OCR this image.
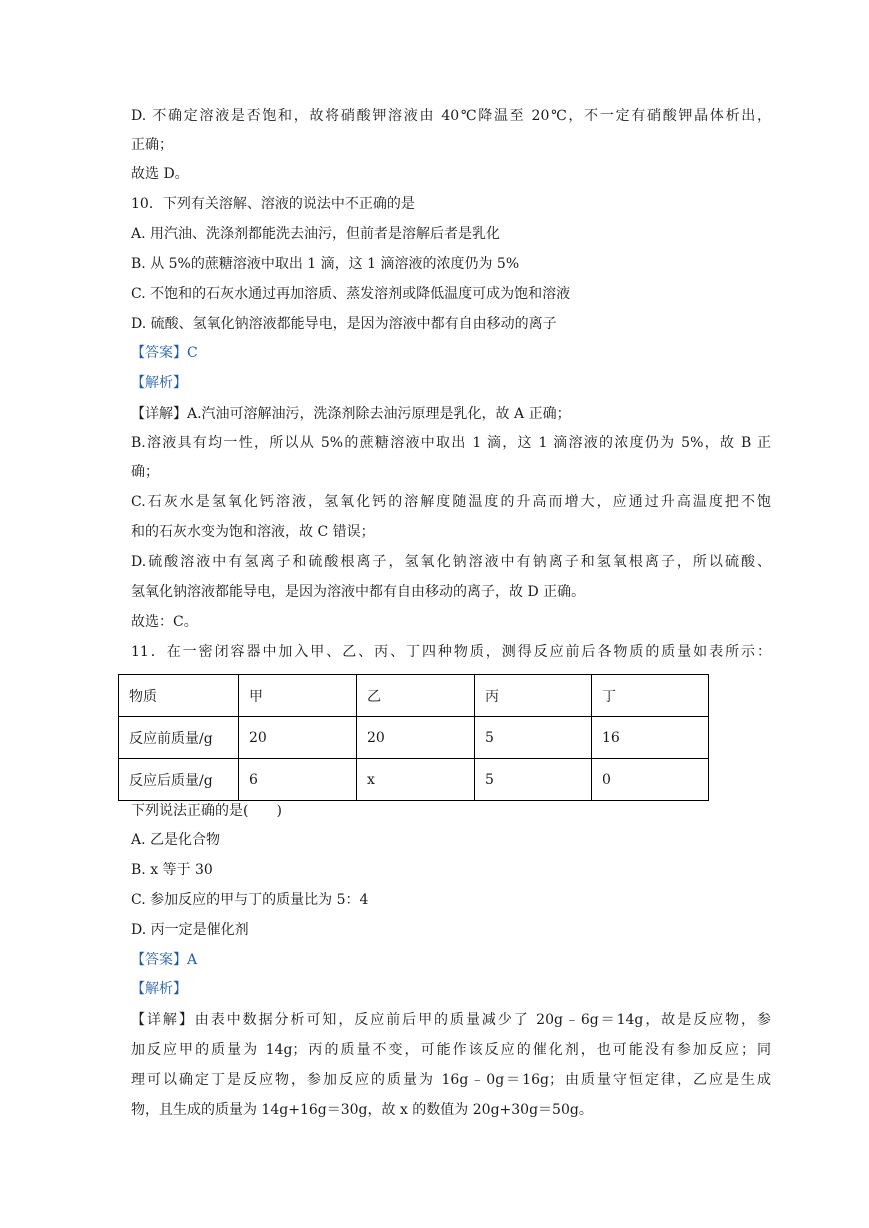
D. 不确定溶液是否饱和，故将硝酸钾溶液由 40℃降温至 20℃，不一定有硝酸钾晶体析出，
正确；
故选 D。
10．下列有关溶解、溶液的说法中不正确的是
A. 用汽油、洗涤剂都能洗去油污，但前者是溶解后者是乳化
B. 从 5%的蔗糖溶液中取出 1 滴，这 1 滴溶液的浓度仍为 5%
C. 不饱和的石灰水通过再加溶质、蒸发溶剂或降低温度可成为饱和溶液
D. 硫酸、氢氧化钠溶液都能导电，是因为溶液中都有自由移动的离子
【答案】C
【解析】
【详解】A.汽油可溶解油污，洗涤剂除去油污原理是乳化，故 A 正确；
B.溶液具有均一性，所以从 5%的蔗糖溶液中取出 1 滴，这 1 滴溶液的浓度仍为 5%，故 B 正
确；
C.石灰水是氢氧化钙溶液，氢氧化钙的溶解度随温度的升高而增大，应通过升高温度把不饱
和的石灰水变为饱和溶液，故 C 错误；
D.硫酸溶液中有氢离子和硫酸根离子，氢氧化钠溶液中有钠离子和氢氧根离子，所以硫酸、
氢氧化钠溶液都能导电，是因为溶液中都有自由移动的离子，故 D 正确。
故选：C。
11．在一密闭容器中加入甲、乙、丙、丁四种物质，测得反应前后各物质的质量如表所示：
物质	甲	乙	丙	丁
反应前质量/g	20	20	5	16
反应后质量/g	6	x	5	0
下列说法正确的是(　　)
A. 乙是化合物
B. x 等于 30
C. 参加反应的甲与丁的质量比为 5：4
D. 丙一定是催化剂
【答案】A
【解析】
【详解】由表中数据分析可知，反应前后甲的质量减少了 20g﹣6g＝14g，故是反应物，参
加反应甲的质量为 14g；丙的质量不变，可能作该反应的催化剂，也可能没有参加反应；同
理可以确定丁是反应物，参加反应的质量为 16g﹣0g＝16g；由质量守恒定律，乙应是生成
物，且生成的质量为 14g+16g＝30g，故 x 的数值为 20g+30g＝50g。
